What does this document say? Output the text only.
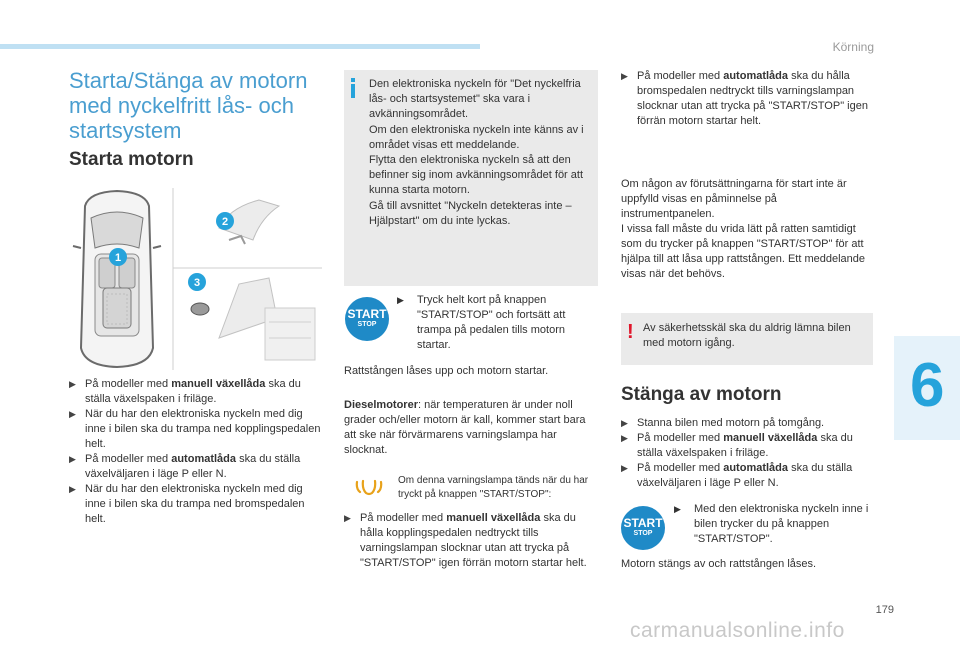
Körning
6
Starta/Stänga av motorn med nyckelfritt lås- och startsystem
Starta motorn
1
2
3
▶ På modeller med manuell växellåda ska du ställa växelspaken i friläge.
▶ När du har den elektroniska nyckeln med dig inne i bilen ska du trampa ned kopplingspedalen helt.
▶ På modeller med automatlåda ska du ställa växelväljaren i läge P eller N.
▶ När du har den elektroniska nyckeln med dig inne i bilen ska du trampa ned bromspedalen helt.
Den elektroniska nyckeln för "Det nyckelfria lås- och startsystemet" ska vara i avkänningsområdet.
Om den elektroniska nyckeln inte känns av i området visas ett meddelande.
Flytta den elektroniska nyckeln så att den befinner sig inom avkänningsområdet för att kunna starta motorn.
Gå till avsnittet "Nyckeln detekteras inte – Hjälpstart" om du inte lyckas.
START
STOP
▶	Tryck helt kort på knappen "START/STOP" och fortsätt att trampa på pedalen tills motorn startar.
Rattstången låses upp och motorn startar.
Dieselmotorer: när temperaturen är under noll grader och/eller motorn är kall, kommer start bara att ske när förvärmarens varningslampa har slocknat.
Om denna varningslampa tänds när du har tryckt på knappen "START/STOP":
▶ På modeller med manuell växellåda ska du hålla kopplingspedalen nedtryckt tills varningslampan slocknar utan att trycka på "START/STOP" igen förrän motorn startar helt.
▶ På modeller med automatlåda ska du hålla bromspedalen nedtryckt tills varningslampan slocknar utan att trycka på "START/STOP" igen förrän motorn startar helt.
Om någon av förutsättningarna för start inte är uppfylld visas en påminnelse på instrumentpanelen.
I vissa fall måste du vrida lätt på ratten samtidigt som du trycker på knappen "START/STOP" för att hjälpa till att låsa upp rattstången. Ett meddelande visas när det behövs.
! Av säkerhetsskäl ska du aldrig lämna bilen med motorn igång.
Stänga av motorn
▶ Stanna bilen med motorn på tomgång.
▶ På modeller med manuell växellåda ska du ställa växelspaken i friläge.
▶ På modeller med automatlåda ska du ställa växelväljaren i läge P eller N.
START
STOP
▶	Med den elektroniska nyckeln inne i bilen trycker du på knappen "START/STOP".
Motorn stängs av och rattstången låses.
179
carmanualsonline.info
